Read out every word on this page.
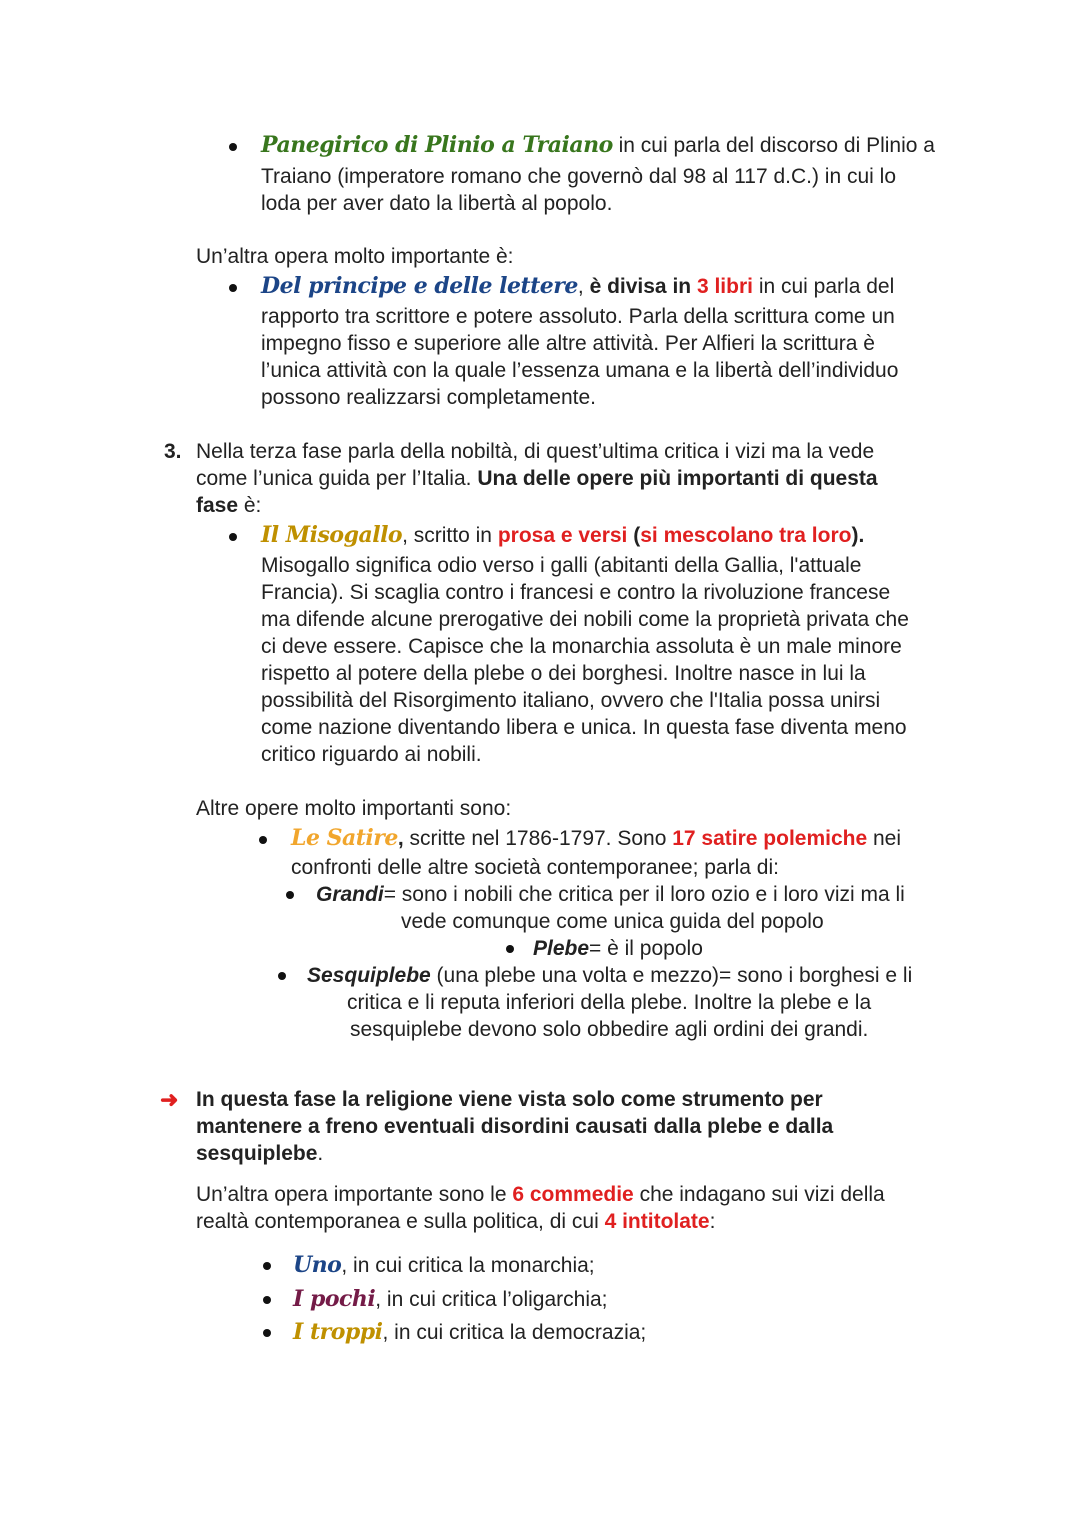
Panegirico di Plinio a Traiano in cui parla del discorso di Plinio a
Traiano (imperatore romano che governò dal 98 al 117 d.C.) in cui lo
loda per aver dato la libertà al popolo.
Un’altra opera molto importante è:
Del principe e delle lettere, è divisa in 3 libri in cui parla del
rapporto tra scrittore e potere assoluto. Parla della scrittura come un
impegno fisso e superiore alle altre attività. Per Alfieri la scrittura è
l’unica attività con la quale l’essenza umana e la libertà dell’individuo
possono realizzarsi completamente.
3. Nella terza fase parla della nobiltà, di quest’ultima critica i vizi ma la vede
come l’unica guida per l’Italia. Una delle opere più importanti di questa
fase è:
Il Misogallo, scritto in prosa e versi (si mescolano tra loro).
Misogallo significa odio verso i galli (abitanti della Gallia, l'attuale
Francia). Si scaglia contro i francesi e contro la rivoluzione francese
ma difende alcune prerogative dei nobili come la proprietà privata che
ci deve essere. Capisce che la monarchia assoluta è un male minore
rispetto al potere della plebe o dei borghesi. Inoltre nasce in lui la
possibilità del Risorgimento italiano, ovvero che l'Italia possa unirsi
come nazione diventando libera e unica. In questa fase diventa meno
critico riguardo ai nobili.
Altre opere molto importanti sono:
Le Satire, scritte nel 1786-1797. Sono 17 satire polemiche nei
confronti delle altre società contemporanee; parla di:
Grandi= sono i nobili che critica per il loro ozio e i loro vizi ma li
vede comunque come unica guida del popolo
Plebe= è il popolo
Sesquiplebe (una plebe una volta e mezzo)= sono i borghesi e li
critica e li reputa inferiori della plebe. Inoltre la plebe e la
sesquiplebe devono solo obbedire agli ordini dei grandi.
➜ In questa fase la religione viene vista solo come strumento per
mantenere a freno eventuali disordini causati dalla plebe e dalla
sesquiplebe.
Un’altra opera importante sono le 6 commedie che indagano sui vizi della
realtà contemporanea e sulla politica, di cui 4 intitolate:
Uno, in cui critica la monarchia;
I pochi, in cui critica l’oligarchia;
I troppi, in cui critica la democrazia;
